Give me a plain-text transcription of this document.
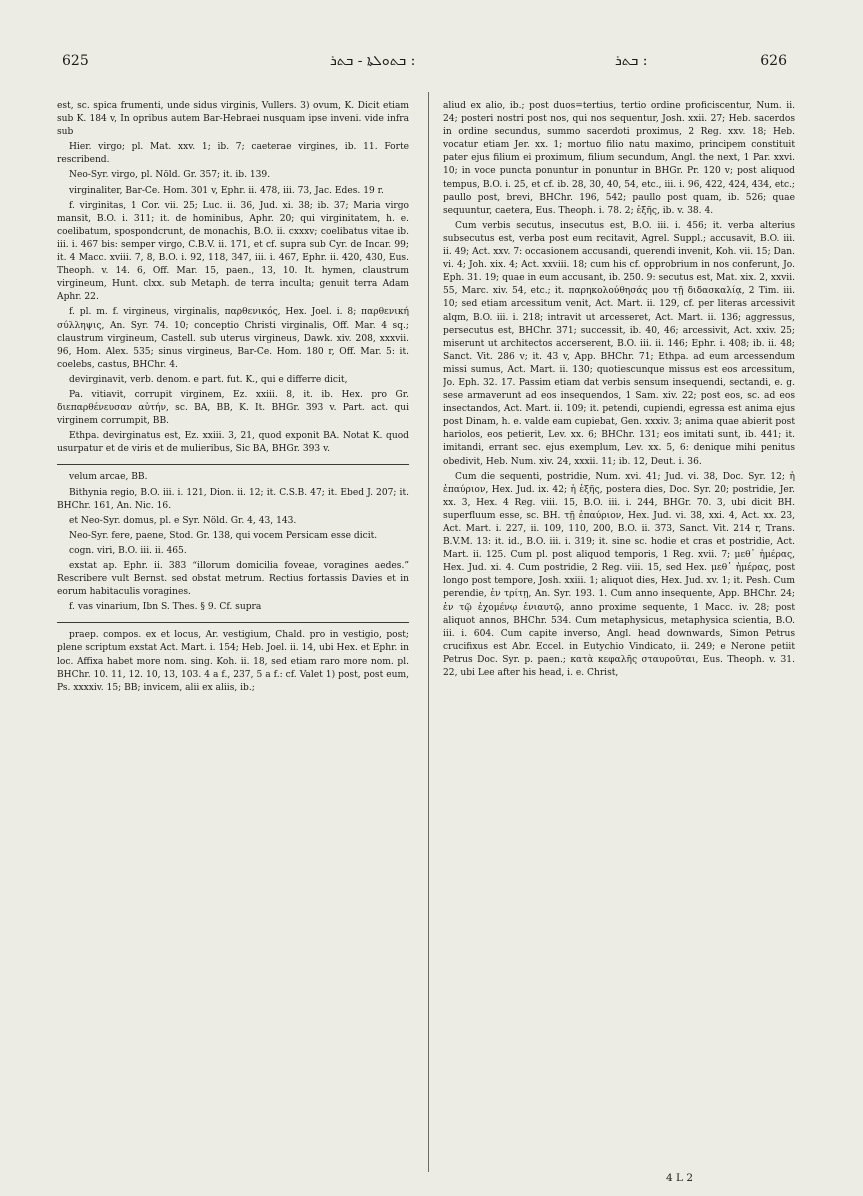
625	ܒܬܘܠܬܐ - ܒܬܪ :	ܒܬܪ :	626

est, sc. spica frumenti, unde sidus virginis, Vullers. 3) ovum, K. Dicit etiam sub K. 184 v, In opribus autem Bar-Hebraei nusquam ipse inveni. vide infra sub

Hier. virgo; pl. Mat. xxv. 1; ib. 7; caeterae virgines, ib. 11. Forte rescribend.

Neo-Syr. virgo, pl. Nöld. Gr. 357; it. ib. 139.

virginaliter, Bar-Ce. Hom. 301 v, Ephr. ii. 478, iii. 73, Jac. Edes. 19 r.

f. virginitas, 1 Cor. vii. 25; Luc. ii. 36, Jud. xi. 38; ib. 37; Maria virgo mansit, B.O. i. 311; it. de hominibus, Aphr. 20; qui virginitatem, h. e. coelibatum, spospondcrunt, de monachis, B.O. ii. cxxxv; coelibatus vitae ib. iii. i. 467 bis: semper virgo, C.B.V. ii. 171, et cf. supra sub Cyr. de Incar. 99; it. 4 Macc. xviii. 7, 8, B.O. i. 92, 118, 347, iii. i. 467, Ephr. ii. 420, 430, Eus. Theoph. v. 14. 6, Off. Mar. 15, paen., 13, 10. It. hymen, claustrum virgineum, Hunt. clxx. sub Metaph. de terra inculta; genuit terra Adam Aphr. 22.

f. pl. m. f. virgineus, virginalis, παρθενικός, Hex. Joel. i. 8; παρθενική σύλληψις, An. Syr. 74. 10; conceptio Christi virginalis, Off. Mar. 4 sq.; claustrum virgineum, Castell. sub uterus virgineus, Dawk. xiv. 208, xxxvii. 96, Hom. Alex. 535; sinus virgineus, Bar-Ce. Hom. 180 r, Off. Mar. 5: it. coelebs, castus, BHChr. 4.

devirginavit, verb. denom. e part. fut. K., qui e differre dicit,

Pa. vitiavit, corrupit virginem, Ez. xxiii. 8, it. ib. Hex. pro Gr. διεπαρθένευσαν αὐτήν, sc. BA, BB, K. It. BHGr. 393 v. Part. act. qui virginem corrumpit, BB.

Ethpa. devirginatus est, Ez. xxiii. 3, 21, quod exponit BA. Notat K. quod usurpatur et de viris et de mulieribus, Sic BA, BHGr. 393 v.

velum arcae, BB.

Bithynia regio, B.O. iii. i. 121, Dion. ii. 12; it. C.S.B. 47; it. Ebed J. 207; it. BHChr. 161, An. Nic. 16.

et Neo-Syr. domus, pl. e Syr. Nöld. Gr. 4, 43, 143.

Neo-Syr. fere, paene, Stod. Gr. 138, qui vocem Persicam esse dicit.

cogn. viri, B.O. iii. ii. 465.

exstat ap. Ephr. ii. 383 “illorum domicilia foveae, voragines aedes.” Rescribere vult Bernst. sed obstat metrum. Rectius fortassis Davies et in eorum habitaculis voragines.

f. vas vinarium, Ibn S. Thes. § 9. Cf. supra

praep. compos. ex et locus, Ar. vestigium, Chald. pro in vestigio, post; plene scriptum exstat Act. Mart. i. 154; Heb. Joel. ii. 14, ubi Hex. et Ephr. in loc. Affixa habet more nom. sing. Koh. ii. 18, sed etiam raro more nom. pl. BHChr. 10. 11, 12. 10, 13, 103. 4 a f., 237, 5 a f.: cf. Valet 1) post, post eum, Ps. xxxxiv. 15; BB; invicem, alii ex aliis, ib.;

aliud ex alio, ib.; post duos=tertius, tertio ordine proficiscentur, Num. ii. 24; posteri nostri post nos, qui nos sequentur, Josh. xxii. 27; Heb. sacerdos in ordine secundus, summo sacerdoti proximus, 2 Reg. xxv. 18; Heb. vocatur etiam Jer. xx. 1; mortuo filio natu maximo, principem constituit pater ejus filium ei proximum, filium secundum, Angl. the next, 1 Par. xxvi. 10; in voce puncta ponuntur in ponuntur in BHGr. Pr. 120 v; post aliquod tempus, B.O. i. 25, et cf. ib. 28, 30, 40, 54, etc., iii. i. 96, 422, 424, 434, etc.; paullo post, brevi, BHChr. 196, 542; paullo post quam, ib. 526; quae sequuntur, caetera, Eus. Theoph. i. 78. 2; ἑξῆς, ib. v. 38. 4.

Cum verbis secutus, insecutus est, B.O. iii. i. 456; it. verba alterius subsecutus est, verba post eum recitavit, Agrel. Suppl.; accusavit, B.O. iii. ii. 49; Act. xxv. 7: occasionem accusandi, querendi invenit, Koh. vii. 15; Dan. vi. 4; Joh. xix. 4; Act. xxviii. 18; cum his cf. opprobrium in nos conferunt, Jo. Eph. 31. 19; quae in eum accusant, ib. 250. 9: secutus est, Mat. xix. 2, xxvii. 55, Marc. xiv. 54, etc.; it. παρηκολούθησάς μου τῇ διδασκαλίᾳ, 2 Tim. iii. 10; sed etiam arcessitum venit, Act. Mart. ii. 129, cf. per literas arcessivit alqm, B.O. iii. i. 218; intravit ut arcesseret, Act. Mart. ii. 136; aggressus, persecutus est, BHChr. 371; successit, ib. 40, 46; arcessivit, Act. xxiv. 25; miserunt ut architectos accerserent, B.O. iii. ii. 146; Ephr. i. 408; ib. ii. 48; Sanct. Vit. 286 v; it. 43 v, App. BHChr. 71; Ethpa. ad eum arcessendum missi sumus, Act. Mart. ii. 130; quotiescunque missus est eos arcessitum, Jo. Eph. 32. 17. Passim etiam dat verbis sensum insequendi, sectandi, e. g. sese armaverunt ad eos insequendos, 1 Sam. xiv. 22; post eos, sc. ad eos insectandos, Act. Mart. ii. 109; it. petendi, cupiendi, egressa est anima ejus post Dinam, h. e. valde eam cupiebat, Gen. xxxiv. 3; anima quae abierit post hariolos, eos petierit, Lev. xx. 6; BHChr. 131; eos imitati sunt, ib. 441; it. imitandi, errant sec. ejus exemplum, Lev. xx. 5, 6: denique mihi penitus obedivit, Heb. Num. xiv. 24, xxxii. 11; ib. 12, Deut. i. 36.

Cum die sequenti, postridie, Num. xvi. 41; Jud. vi. 38, Doc. Syr. 12; ἡ ἐπαύριον, Hex. Jud. ix. 42; ἡ ἑξῆς, postera dies, Doc. Syr. 20; postridie, Jer. xx. 3, Hex. 4 Reg. viii. 15, B.O. iii. i. 244, BHGr. 70. 3, ubi dicit BH. superfluum esse, sc. BH. τῇ ἐπαύριον, Hex. Jud. vi. 38, xxi. 4, Act. xx. 23, Act. Mart. i. 227, ii. 109, 110, 200, B.O. ii. 373, Sanct. Vit. 214 r, Trans. B.V.M. 13: it. id., B.O. iii. i. 319; it. sine sc. hodie et cras et postridie, Act. Mart. ii. 125. Cum pl. post aliquod temporis, 1 Reg. xvii. 7; μεθ᾽ ἡμέρας, Hex. Jud. xi. 4. Cum postridie, 2 Reg. viii. 15, sed Hex. μεθ᾽ ἡμέρας, post longo post tempore, Josh. xxiii. 1; aliquot dies, Hex. Jud. xv. 1; it. Pesh. Cum perendie, ἐν τρίτῃ, An. Syr. 193. 1. Cum anno insequente, App. BHChr. 24; ἐν τῷ ἐχομένῳ ἐνιαυτῷ, anno proxime sequente, 1 Macc. iv. 28; post aliquot annos, BHChr. 534. Cum metaphysicus, metaphysica scientia, B.O. iii. i. 604. Cum capite inverso, Angl. head downwards, Simon Petrus crucifixus est Abr. Eccel. in Eutychio Vindicato, ii. 249; e Nerone petiit Petrus Doc. Syr. p. paen.; κατὰ κεφαλῆς σταυροῦται, Eus. Theoph. v. 31. 22, ubi Lee after his head, i. e. Christ,

4 L 2
